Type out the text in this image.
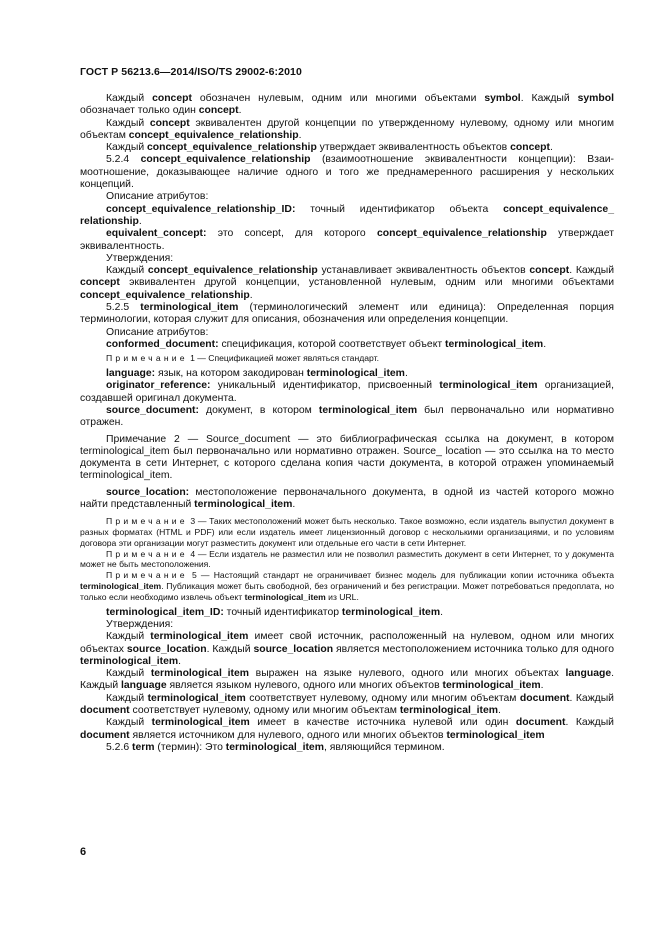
ГОСТ Р 56213.6—2014/ISO/TS 29002-6:2010

Каждый concept обозначен нулевым, одним или многими объектами symbol. Каждый symbol обозначает только один concept.

Каждый concept эквивалентен другой концепции по утвержденному нулевому, одному или многим объектам concept_equivalence_relationship.

Каждый concept_equivalence_relationship утверждает эквивалентность объектов concept.

5.2.4 concept_equivalence_relationship (взаимоотношение эквивалентности концепции): Взаимоотношение, доказывающее наличие одного и того же преднамеренного расширения у нескольких концепций.

Описание атрибутов:

concept_equivalence_relationship_ID: точный идентификатор объекта concept_equivalence_ relationship.

equivalent_concept: это concept, для которого concept_equivalence_relationship утверждает эквивалентность.

Утверждения:

Каждый concept_equivalence_relationship устанавливает эквивалентность объектов concept. Каждый concept эквивалентен другой концепции, установленной нулевым, одним или многими объектами concept_equivalence_relationship.

5.2.5 terminological_item (терминологический элемент или единица): Определенная порция терминологии, которая служит для описания, обозначения или определения концепции.

Описание атрибутов:

conformed_document: спецификация, которой соответствует объект terminological_item.

Примечание 1 — Спецификацией может являться стандарт.

language: язык, на котором закодирован terminological_item.

originator_reference: уникальный идентификатор, присвоенный terminological_item организацией, создавшей оригинал документа.

source_document: документ, в котором terminological_item был первоначально или нормативно отражен.

Примечание 2 — Source_document — это библиографическая ссылка на документ, в котором terminological_item был первоначально или нормативно отражен. Source_ location — это ссылка на то место документа в сети Интернет, с которого сделана копия части документа, в которой отражен упоминаемый terminological_item.

source_location: местоположение первоначального документа, в одной из частей которого можно найти представленный terminological_item.

Примечание 3 — Таких местоположений может быть несколько. Такое возможно, если издатель выпустил документ в разных форматах (HTML и PDF) или если издатель имеет лицензионный договор с несколькими организациями, и по условиям договора эти организации могут разместить документ или отдельные его части в сети Интернет.

Примечание 4 — Если издатель не разместил или не позволил разместить документ в сети Интернет, то у документа может не быть местоположения.

Примечание 5 — Настоящий стандарт не ограничивает бизнес модель для публикации копии источника объекта terminological_item. Публикация может быть свободной, без ограничений и без регистрации. Может потребоваться предоплата, но только если необходимо извлечь объект terminological_item из URL.

terminological_item_ID: точный идентификатор terminological_item.

Утверждения:

Каждый terminological_item имеет свой источник, расположенный на нулевом, одном или многих объектах source_location. Каждый source_location является местоположением источника только для одного terminological_item.

Каждый terminological_item выражен на языке нулевого, одного или многих объектах language. Каждый language является языком нулевого, одного или многих объектов terminological_item.

Каждый terminological_item соответствует нулевому, одному или многим объектам document. Каждый document соответствует нулевому, одному или многим объектам terminological_item.

Каждый terminological_item имеет в качестве источника нулевой или один document. Каждый document является источником для нулевого, одного или многих объектов terminological_item

5.2.6 term (термин): Это terminological_item, являющийся термином.

6
